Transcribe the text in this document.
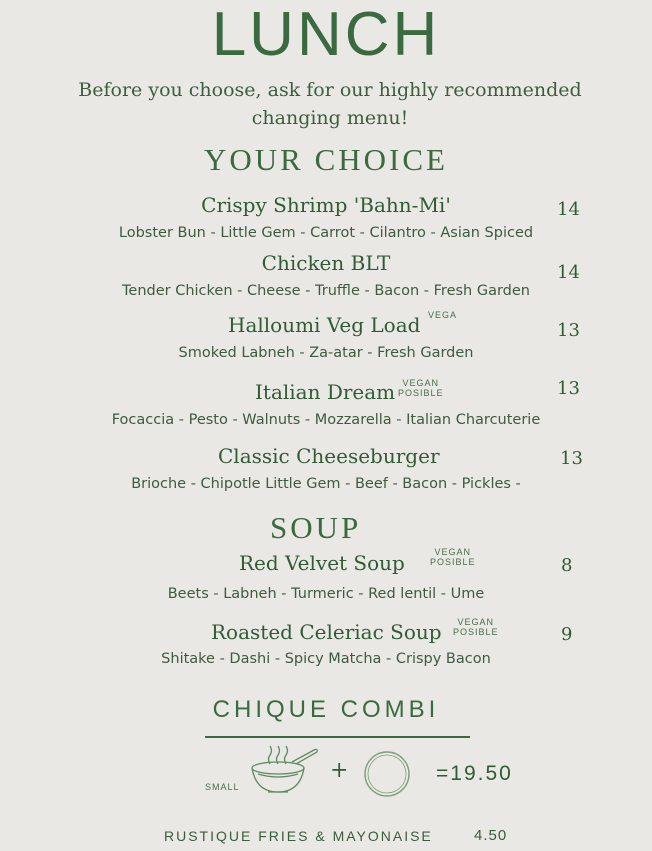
LUNCH
Before you choose, ask for our highly recommended
changing menu!
YOUR CHOICE
Crispy Shrimp 'Bahn-Mi'	14
Lobster Bun - Little Gem - Carrot - Cilantro - Asian Spiced
Chicken BLT	14
Tender Chicken - Cheese - Truffle - Bacon - Fresh Garden
Halloumi Veg Load VEGA
13
Smoked Labneh - Za-atar - Fresh Garden
Italian Dream VEGAN
POSIBLE	13
Focaccia - Pesto - Walnuts - Mozzarella - Italian Charcuterie
Classic Cheeseburger	13
Brioche - Chipotle Little Gem - Beef - Bacon - Pickles -
SOUP
Red Velvet Soup	VEGAN
POSIBLE	8
Beets - Labneh - Turmeric - Red lentil - Ume
Roasted Celeriac Soup	VEGAN
POSIBLE	9
Shitake - Dashi - Spicy Matcha - Crispy Bacon
CHIQUE COMBI
SMALL
+	=19.50
RUSTIQUE FRIES & MAYONAISE	4.50
